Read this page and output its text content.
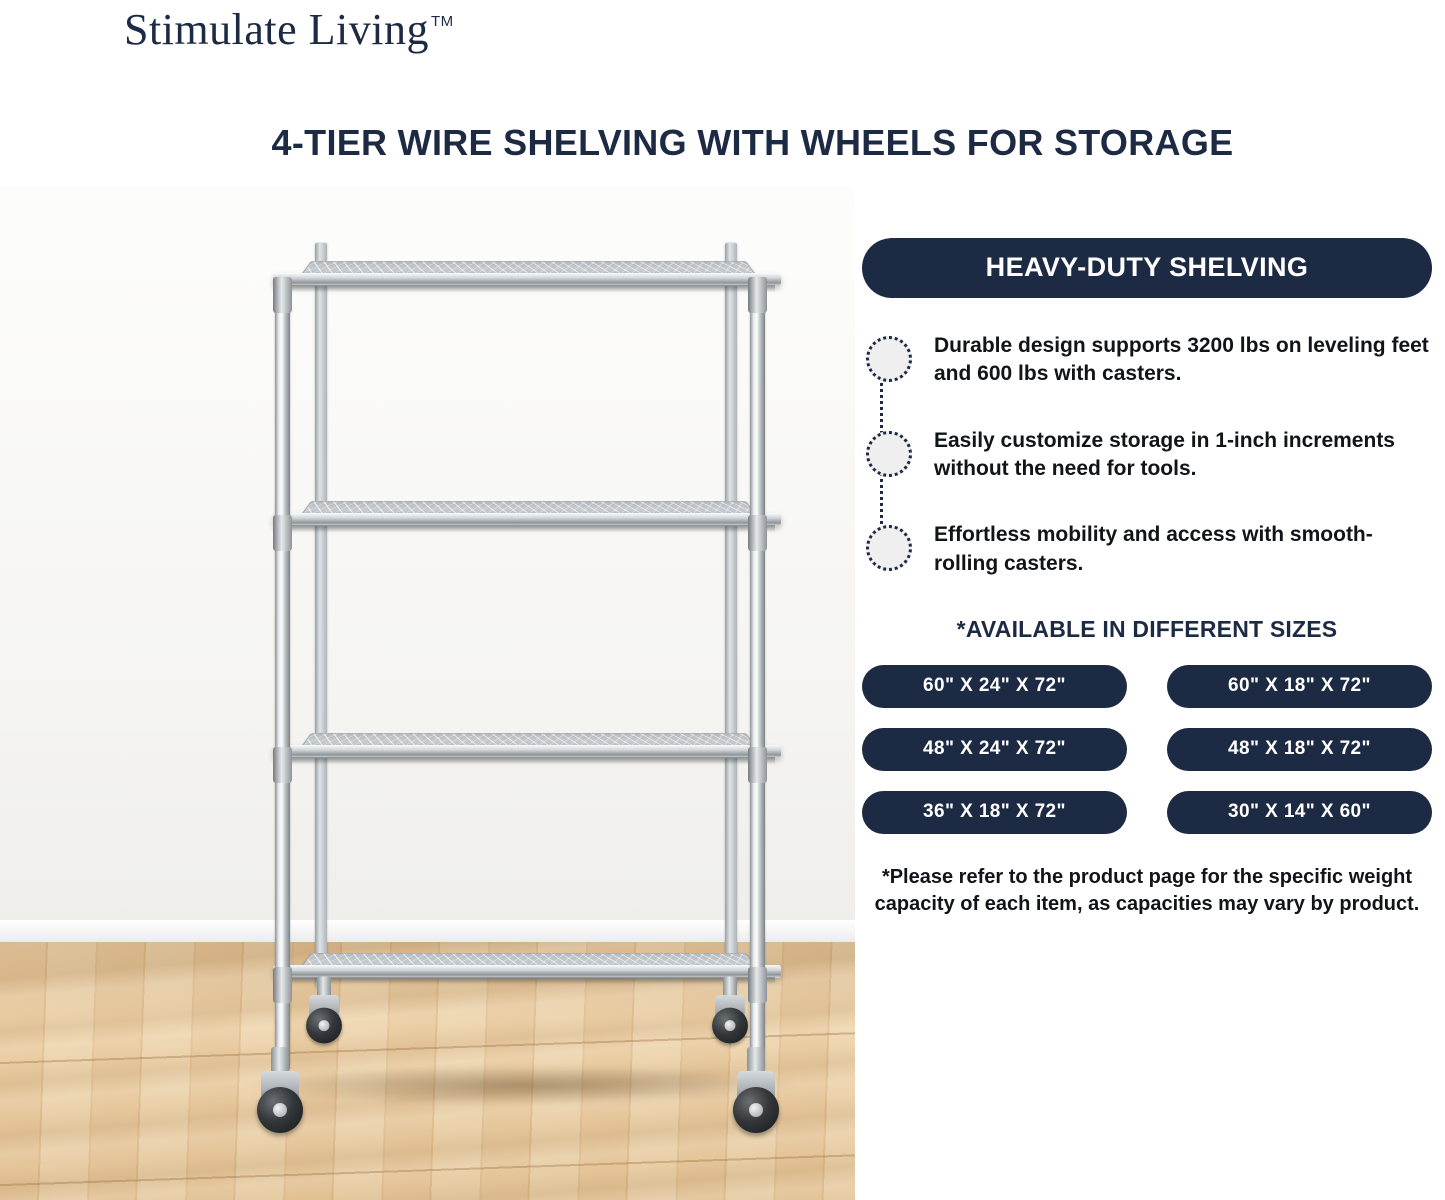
Stimulate Living ™
4-TIER WIRE SHELVING WITH WHEELS FOR STORAGE
HEAVY-DUTY SHELVING
Durable design supports 3200 lbs on leveling feet and 600 lbs with casters.
Easily customize storage in 1-inch increments without the need for tools.
Effortless mobility and access with smooth-rolling casters.
*AVAILABLE IN DIFFERENT SIZES
60" X 24" X 72"	60" X 18" X 72"
48" X 24" X 72"	48" X 18" X 72"
36" X 18" X 72"	30" X 14" X 60"
*Please refer to the product page for the specific weight capacity of each item, as capacities may vary by product.
